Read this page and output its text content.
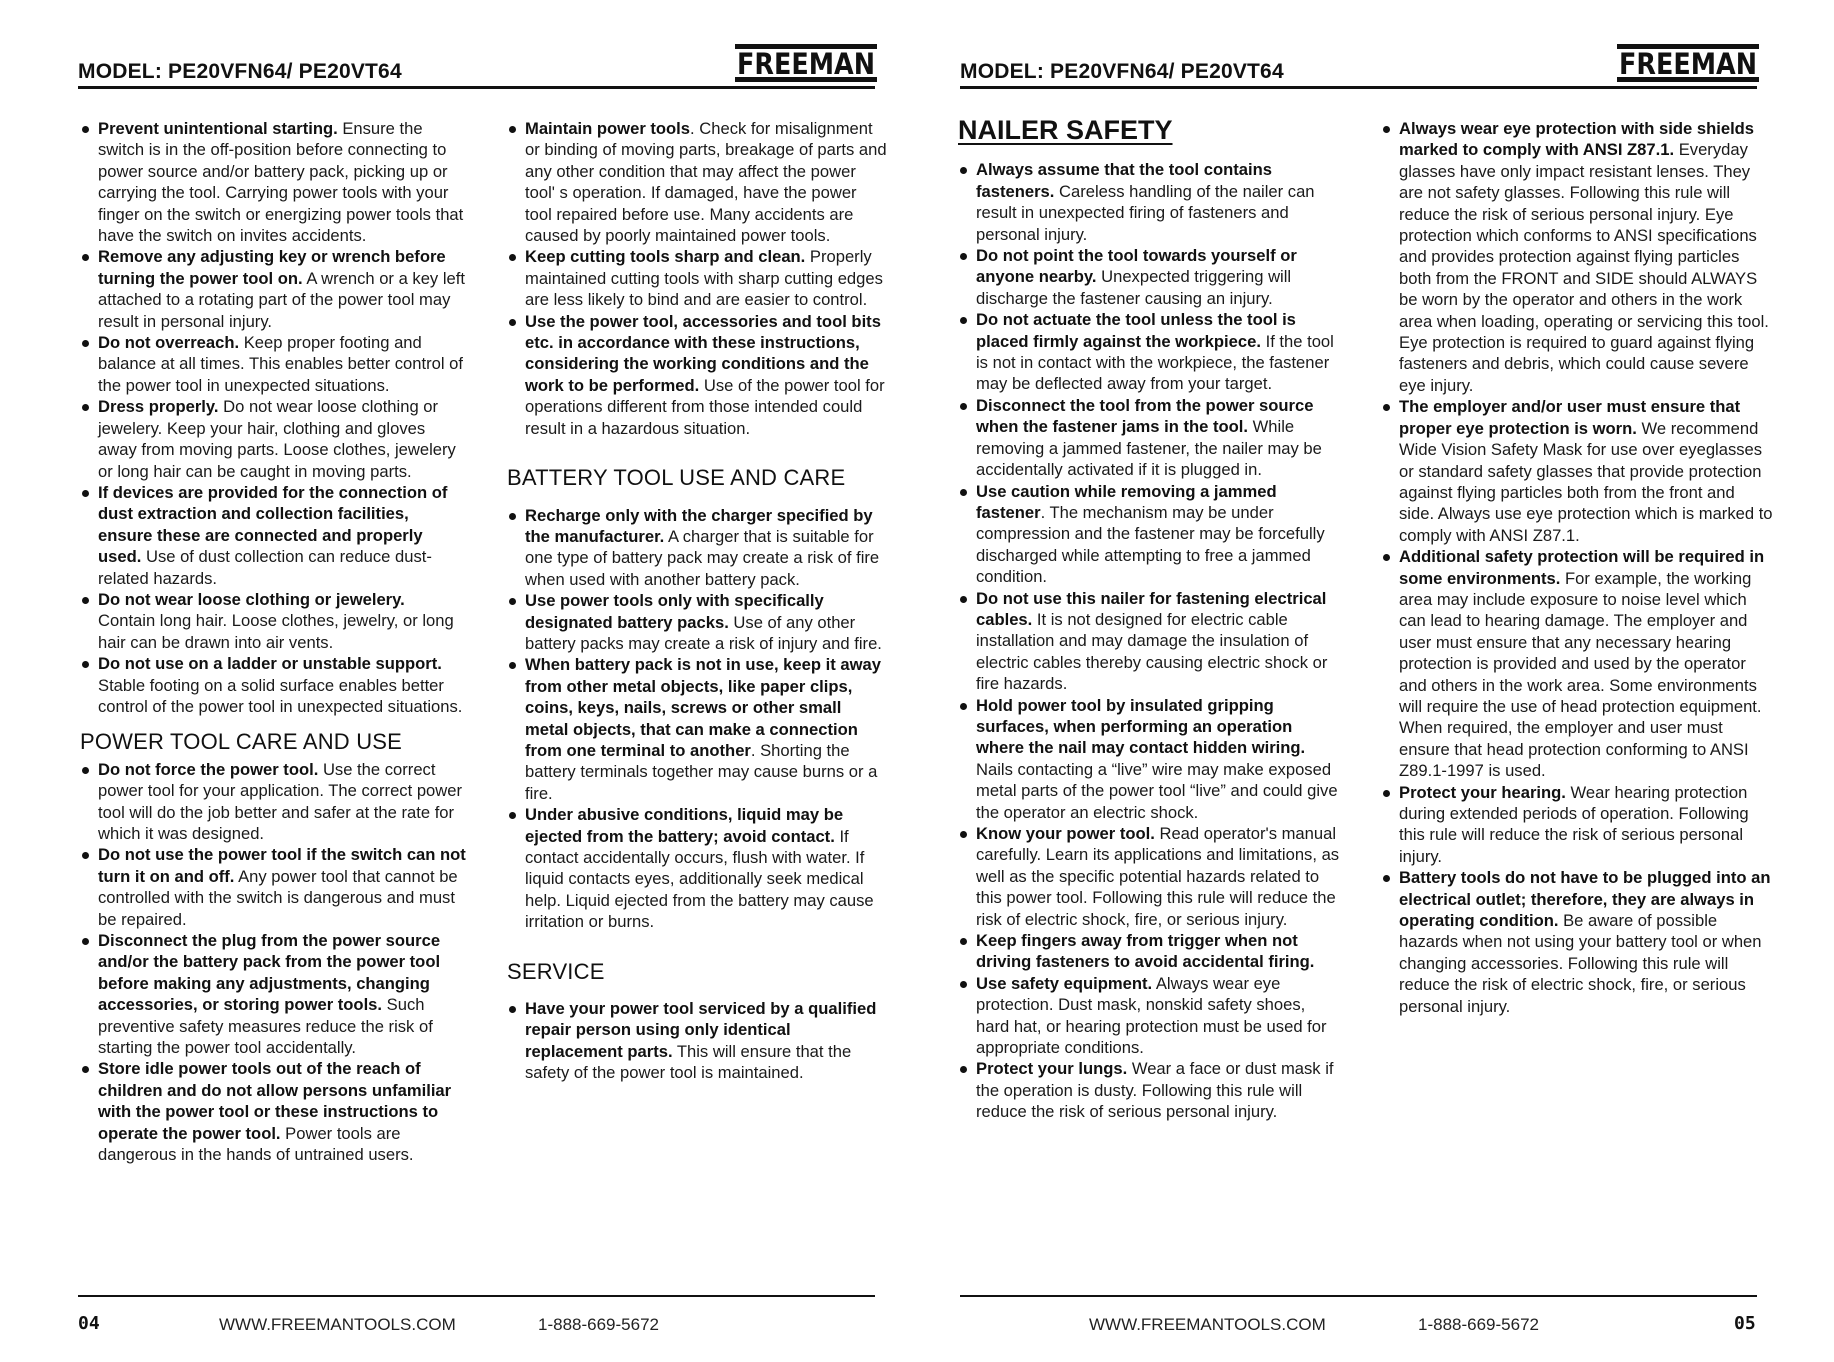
MODEL: PE20VFN64/ PE20VT64	FREEMAN
Prevent unintentional starting. Ensure the switch is in the off-position before connecting to power source and/or battery pack, picking up or carrying the tool. Carrying power tools with your finger on the switch or energizing power tools that have the switch on invites accidents.
Remove any adjusting key or wrench before turning the power tool on. A wrench or a key left attached to a rotating part of the power tool may result in personal injury.
Do not overreach. Keep proper footing and balance at all times. This enables better control of the power tool in unexpected situations.
Dress properly. Do not wear loose clothing or jewelery. Keep your hair, clothing and gloves away from moving parts. Loose clothes, jewelery or long hair can be caught in moving parts.
If devices are provided for the connection of dust extraction and collection facilities, ensure these are connected and properly used. Use of dust collection can reduce dust-related hazards.
Do not wear loose clothing or jewelery. Contain long hair. Loose clothes, jewelry, or long hair can be drawn into air vents.
Do not use on a ladder or unstable support. Stable footing on a solid surface enables better control of the power tool in unexpected situations.
POWER TOOL CARE AND USE
Do not force the power tool. Use the correct power tool for your application. The correct power tool will do the job better and safer at the rate for which it was designed.
Do not use the power tool if the switch can not turn it on and off. Any power tool that cannot be controlled with the switch is dangerous and must be repaired.
Disconnect the plug from the power source and/or the battery pack from the power tool before making any adjustments, changing accessories, or storing power tools. Such preventive safety measures reduce the risk of starting the power tool accidentally.
Store idle power tools out of the reach of children and do not allow persons unfamiliar with the power tool or these instructions to operate the power tool. Power tools are dangerous in the hands of untrained users.
Maintain power tools. Check for misalignment or binding of moving parts, breakage of parts and any other condition that may affect the power tool' s operation. If damaged, have the power tool repaired before use. Many accidents are caused by poorly maintained power tools.
Keep cutting tools sharp and clean. Properly maintained cutting tools with sharp cutting edges are less likely to bind and are easier to control.
Use the power tool, accessories and tool bits etc. in accordance with these instructions, considering the working conditions and the work to be performed. Use of the power tool for operations different from those intended could result in a hazardous situation.
BATTERY TOOL USE AND CARE
Recharge only with the charger specified by the manufacturer. A charger that is suitable for one type of battery pack may create a risk of fire when used with another battery pack.
Use power tools only with specifically designated battery packs. Use of any other battery packs may create a risk of injury and fire.
When battery pack is not in use, keep it away from other metal objects, like paper clips, coins, keys, nails, screws or other small metal objects, that can make a connection from one terminal to another. Shorting the battery terminals together may cause burns or a fire.
Under abusive conditions, liquid may be ejected from the battery; avoid contact. If contact accidentally occurs, flush with water. If liquid contacts eyes, additionally seek medical help. Liquid ejected from the battery may cause irritation or burns.
SERVICE
Have your power tool serviced by a qualified repair person using only identical replacement parts. This will ensure that the safety of the power tool is maintained.
04	WWW.FREEMANTOOLS.COM	1-888-669-5672
MODEL: PE20VFN64/ PE20VT64	FREEMAN
NAILER SAFETY
Always assume that the tool contains fasteners. Careless handling of the nailer can result in unexpected firing of fasteners and personal injury.
Do not point the tool towards yourself or anyone nearby. Unexpected triggering will discharge the fastener causing an injury.
Do not actuate the tool unless the tool is placed firmly against the workpiece. If the tool is not in contact with the workpiece, the fastener may be deflected away from your target.
Disconnect the tool from the power source when the fastener jams in the tool. While removing a jammed fastener, the nailer may be accidentally activated if it is plugged in.
Use caution while removing a jammed fastener. The mechanism may be under compression and the fastener may be forcefully discharged while attempting to free a jammed condition.
Do not use this nailer for fastening electrical cables. It is not designed for electric cable installation and may damage the insulation of electric cables thereby causing electric shock or fire hazards.
Hold power tool by insulated gripping surfaces, when performing an operation where the nail may contact hidden wiring. Nails contacting a “live” wire may make exposed metal parts of the power tool “live” and could give the operator an electric shock.
Know your power tool. Read operator's manual carefully. Learn its applications and limitations, as well as the specific potential hazards related to this power tool. Following this rule will reduce the risk of electric shock, fire, or serious injury.
Keep fingers away from trigger when not driving fasteners to avoid accidental firing.
Use safety equipment. Always wear eye protection. Dust mask, nonskid safety shoes, hard hat, or hearing protection must be used for appropriate conditions.
Protect your lungs. Wear a face or dust mask if the operation is dusty. Following this rule will reduce the risk of serious personal injury.
Always wear eye protection with side shields marked to comply with ANSI Z87.1. Everyday glasses have only impact resistant lenses. They are not safety glasses. Following this rule will reduce the risk of serious personal injury. Eye protection which conforms to ANSI specifications and provides protection against flying particles both from the FRONT and SIDE should ALWAYS be worn by the operator and others in the work area when loading, operating or servicing this tool. Eye protection is required to guard against flying fasteners and debris, which could cause severe eye injury.
The employer and/or user must ensure that proper eye protection is worn. We recommend Wide Vision Safety Mask for use over eyeglasses or standard safety glasses that provide protection against flying particles both from the front and side. Always use eye protection which is marked to comply with ANSI Z87.1.
Additional safety protection will be required in some environments. For example, the working area may include exposure to noise level which can lead to hearing damage. The employer and user must ensure that any necessary hearing protection is provided and used by the operator and others in the work area. Some environments will require the use of head protection equipment. When required, the employer and user must ensure that head protection conforming to ANSI Z89.1-1997 is used.
Protect your hearing. Wear hearing protection during extended periods of operation. Following this rule will reduce the risk of serious personal injury.
Battery tools do not have to be plugged into an electrical outlet; therefore, they are always in operating condition. Be aware of possible hazards when not using your battery tool or when changing accessories. Following this rule will reduce the risk of electric shock, fire, or serious personal injury.
WWW.FREEMANTOOLS.COM	1-888-669-5672	05
